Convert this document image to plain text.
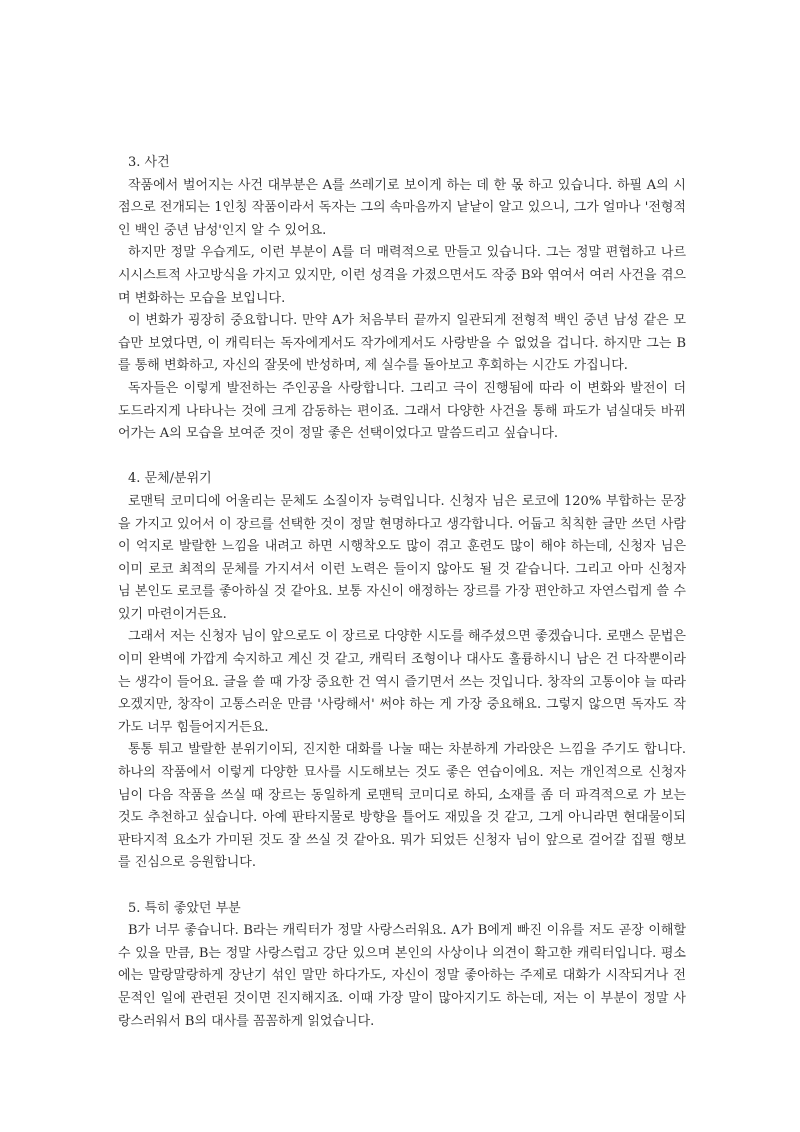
3. 사건

작품에서 벌어지는 사건 대부분은 A를 쓰레기로 보이게 하는 데 한 몫 하고 있습니다. 하필 A의 시점으로 전개되는 1인칭 작품이라서 독자는 그의 속마음까지 낱낱이 알고 있으니, 그가 얼마나 '전형적인 백인 중년 남성'인지 알 수 있어요.

하지만 정말 우습게도, 이런 부분이 A를 더 매력적으로 만들고 있습니다. 그는 정말 편협하고 나르시시스트적 사고방식을 가지고 있지만, 이런 성격을 가졌으면서도 작중 B와 엮여서 여러 사건을 겪으며 변화하는 모습을 보입니다.

이 변화가 굉장히 중요합니다. 만약 A가 처음부터 끝까지 일관되게 전형적 백인 중년 남성 같은 모습만 보였다면, 이 캐릭터는 독자에게서도 작가에게서도 사랑받을 수 없었을 겁니다. 하지만 그는 B를 통해 변화하고, 자신의 잘못에 반성하며, 제 실수를 돌아보고 후회하는 시간도 가집니다.

독자들은 이렇게 발전하는 주인공을 사랑합니다. 그리고 극이 진행됨에 따라 이 변화와 발전이 더 도드라지게 나타나는 것에 크게 감동하는 편이죠. 그래서 다양한 사건을 통해 파도가 넘실대듯 바뀌어가는 A의 모습을 보여준 것이 정말 좋은 선택이었다고 말씀드리고 싶습니다.

4. 문체/분위기

로맨틱 코미디에 어울리는 문체도 소질이자 능력입니다. 신청자 님은 로코에 120% 부합하는 문장을 가지고 있어서 이 장르를 선택한 것이 정말 현명하다고 생각합니다. 어둡고 칙칙한 글만 쓰던 사람이 억지로 발랄한 느낌을 내려고 하면 시행착오도 많이 겪고 훈련도 많이 해야 하는데, 신청자 님은 이미 로코 최적의 문체를 가지셔서 이런 노력은 들이지 않아도 될 것 같습니다. 그리고 아마 신청자 님 본인도 로코를 좋아하실 것 같아요. 보통 자신이 애정하는 장르를 가장 편안하고 자연스럽게 쓸 수 있기 마련이거든요.

그래서 저는 신청자 님이 앞으로도 이 장르로 다양한 시도를 해주셨으면 좋겠습니다. 로맨스 문법은 이미 완벽에 가깝게 숙지하고 계신 것 같고, 캐릭터 조형이나 대사도 훌륭하시니 남은 건 다작뿐이라는 생각이 들어요. 글을 쓸 때 가장 중요한 건 역시 즐기면서 쓰는 것입니다. 창작의 고통이야 늘 따라오겠지만, 창작이 고통스러운 만큼 '사랑해서' 써야 하는 게 가장 중요해요. 그렇지 않으면 독자도 작가도 너무 힘들어지거든요.

통통 튀고 발랄한 분위기이되, 진지한 대화를 나눌 때는 차분하게 가라앉은 느낌을 주기도 합니다. 하나의 작품에서 이렇게 다양한 묘사를 시도해보는 것도 좋은 연습이에요. 저는 개인적으로 신청자 님이 다음 작품을 쓰실 때 장르는 동일하게 로맨틱 코미디로 하되, 소재를 좀 더 파격적으로 가 보는 것도 추천하고 싶습니다. 아예 판타지물로 방향을 틀어도 재밌을 것 같고, 그게 아니라면 현대물이되 판타지적 요소가 가미된 것도 잘 쓰실 것 같아요. 뭐가 되었든 신청자 님이 앞으로 걸어갈 집필 행보를 진심으로 응원합니다.

5. 특히 좋았던 부분

B가 너무 좋습니다. B라는 캐릭터가 정말 사랑스러워요. A가 B에게 빠진 이유를 저도 곧장 이해할 수 있을 만큼, B는 정말 사랑스럽고 강단 있으며 본인의 사상이나 의견이 확고한 캐릭터입니다. 평소에는 말랑말랑하게 장난기 섞인 말만 하다가도, 자신이 정말 좋아하는 주제로 대화가 시작되거나 전문적인 일에 관련된 것이면 진지해지죠. 이때 가장 말이 많아지기도 하는데, 저는 이 부분이 정말 사랑스러워서 B의 대사를 꼼꼼하게 읽었습니다.
